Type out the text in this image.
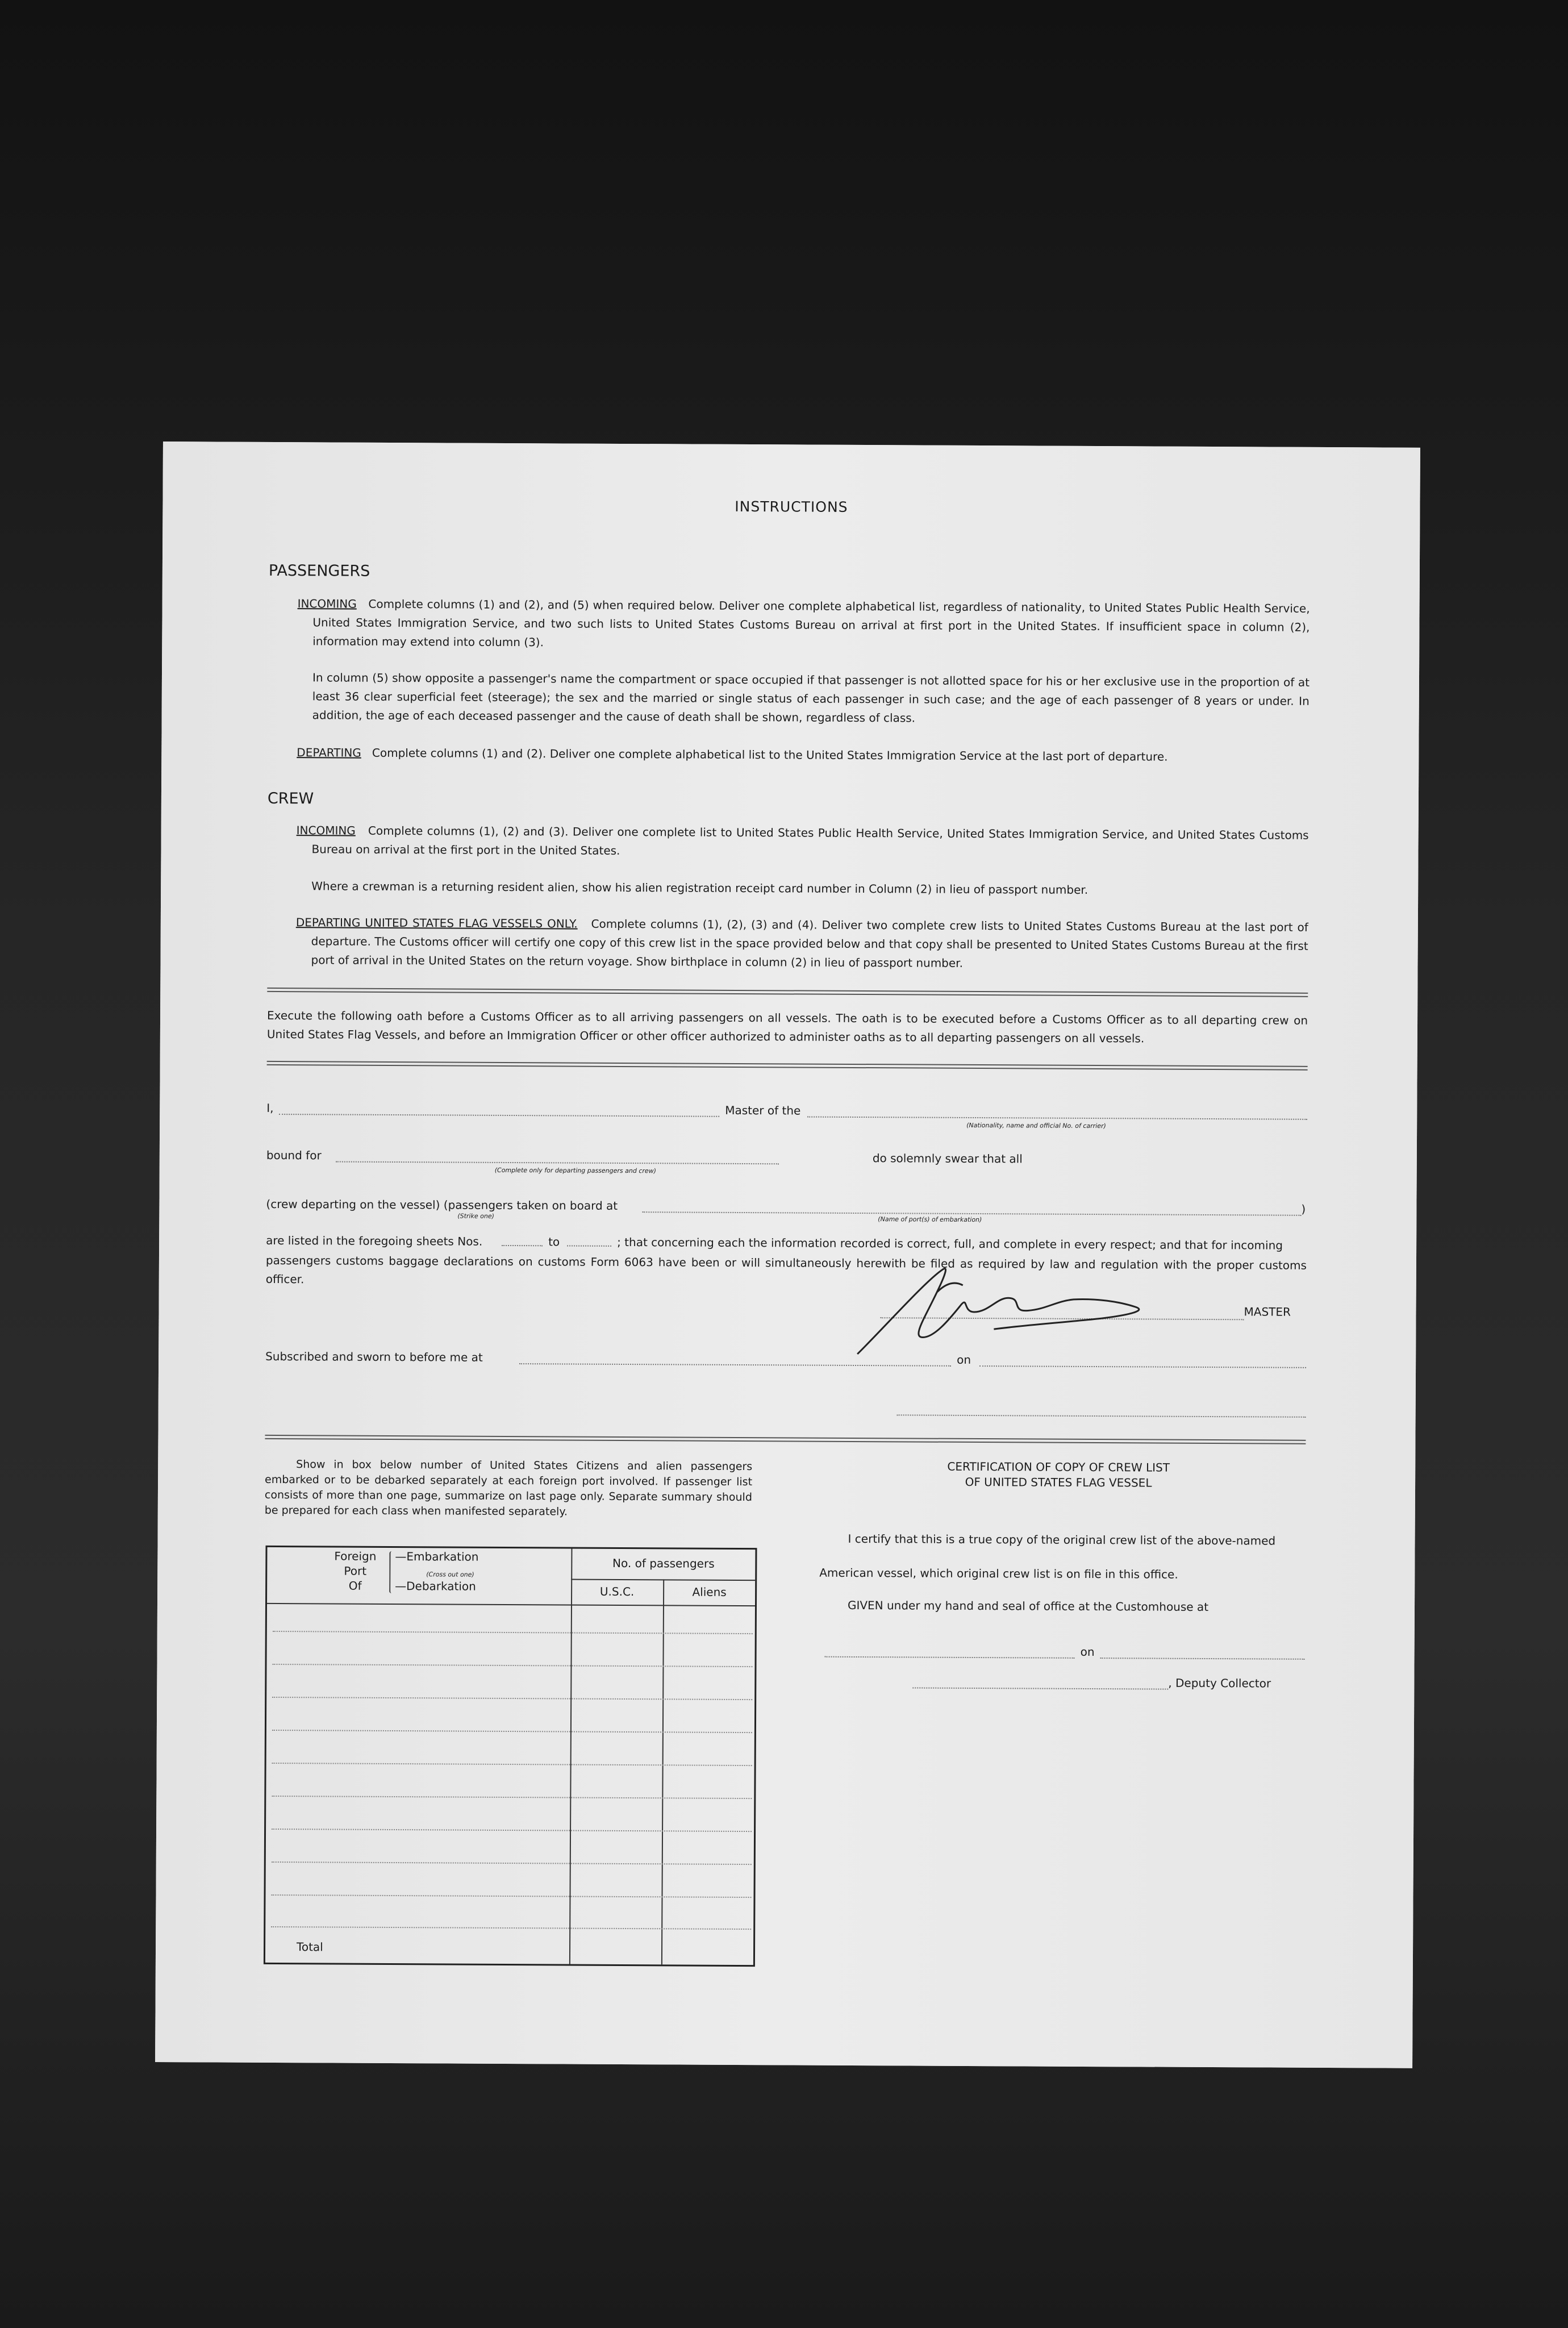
INSTRUCTIONS
PASSENGERS
INCOMING Complete columns (1) and (2), and (5) when required below. Deliver one complete alphabetical list, regardless of nationality, to United States Public Health Service, United States Immigration Service, and two such lists to United States Customs Bureau on arrival at first port in the United States. If insufficient space in column (2), information may extend into column (3).
In column (5) show opposite a passenger's name the compartment or space occupied if that passenger is not allotted space for his or her exclusive use in the proportion of at least 36 clear superficial feet (steerage); the sex and the married or single status of each passenger in such case; and the age of each passenger of 8 years or under. In addition, the age of each deceased passenger and the cause of death shall be shown, regardless of class.
DEPARTING Complete columns (1) and (2). Deliver one complete alphabetical list to the United States Immigration Service at the last port of departure.
CREW
INCOMING Complete columns (1), (2) and (3). Deliver one complete list to United States Public Health Service, United States Immigration Service, and United States Customs Bureau on arrival at the first port in the United States.
Where a crewman is a returning resident alien, show his alien registration receipt card number in Column (2) in lieu of passport number.
DEPARTING UNITED STATES FLAG VESSELS ONLY. Complete columns (1), (2), (3) and (4). Deliver two complete crew lists to United States Customs Bureau at the last port of departure. The Customs officer will certify one copy of this crew list in the space provided below and that copy shall be presented to United States Customs Bureau at the first port of arrival in the United States on the return voyage. Show birthplace in column (2) in lieu of passport number.
Execute the following oath before a Customs Officer as to all arriving passengers on all vessels. The oath is to be executed before a Customs Officer as to all departing crew on United States Flag Vessels, and before an Immigration Officer or other officer authorized to administer oaths as to all departing passengers on all vessels.
I,	Master of the
(Nationality, name and official No. of carrier)
bound for
(Complete only for departing passengers and crew)
do solemnly swear that all
(crew departing on the vessel) (passengers taken on board at	)
(Strike one)	(Name of port(s) of embarkation)
are listed in the foregoing sheets Nos.	to	; that concerning each the information recorded is correct, full, and complete in every respect; and that for incoming
passengers customs baggage declarations on customs Form 6063 have been or will simultaneously herewith be filed as required by law and regulation with the proper customs officer.
MASTER
Subscribed and sworn to before me at	on
Show in box below number of United States Citizens and alien passengers embarked or to be debarked separately at each foreign port involved. If passenger list consists of more than one page, summarize on last page only. Separate summary should be prepared for each class when manifested separately.
Foreign
Port
Of
—Embarkation
(Cross out one)
—Debarkation
No. of passengers
U.S.C.	Aliens
Total
CERTIFICATION OF COPY OF CREW LIST
OF UNITED STATES FLAG VESSEL
I certify that this is a true copy of the original crew list of the above-named
American vessel, which original crew list is on file in this office.
GIVEN under my hand and seal of office at the Customhouse at
on
, Deputy Collector
